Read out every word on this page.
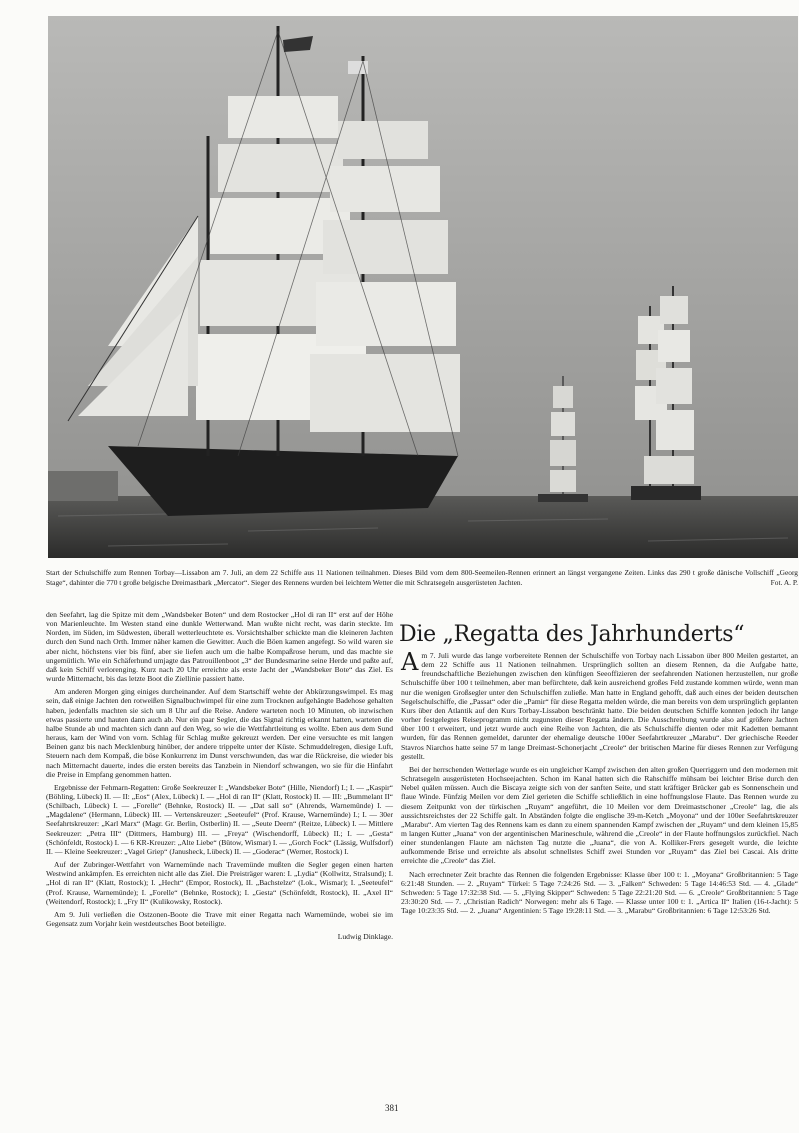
Start der Schulschiffe zum Rennen Torbay—Lissabon am 7. Juli, an dem 22 Schiffe aus 11 Nationen teilnahmen. Dieses Bild vom dem 800-Seemeilen-Rennen erinnert an längst vergangene Zeiten. Links das 290 t große dänische Vollschiff „Georg Stage“, dahinter die 770 t große belgische Dreimastbark „Mercator“. Sieger des Rennens wurden bei leichtem Wetter die mit Schratsegeln ausgerüsteten Jachten.	Fot. A. P.

den Seefahrt, lag die Spitze mit dem „Wandsbeker Boten“ und dem Rostocker „Hol di ran II“ erst auf der Höhe von Marienleuchte. Im Westen stand eine dunkle Wetterwand. Man wußte nicht recht, was darin steckte. Im Norden, im Süden, im Südwesten, überall wetterleuchtete es. Vorsichtshalber schickte man die kleineren Jachten durch den Sund nach Orth. Immer näher kamen die Gewitter. Auch die Böen kamen angefegt. So wild waren sie aber nicht, höchstens vier bis fünf, aber sie liefen auch um die halbe Kompaßrose herum, und das machte sie ungemütlich. Wie ein Schäferhund umjagte das Patrouillenboot „3“ der Bundesmarine seine Herde und paßte auf, daß kein Schiff verlorenging. Kurz nach 20 Uhr erreichte als erste Jacht der „Wandsbeker Bote“ das Ziel. Es wurde Mitternacht, bis das letzte Boot die Ziellinie passiert hatte.

Am anderen Morgen ging einiges durcheinander. Auf dem Startschiff wehte der Abkürzungswimpel. Es mag sein, daß einige Jachten den rotweißen Signalbuchwimpel für eine zum Trocknen aufgehängte Badehose gehalten haben, jedenfalls machten sie sich um 8 Uhr auf die Reise. Andere warteten noch 10 Minuten, ob inzwischen etwas passierte und hauten dann auch ab. Nur ein paar Segler, die das Signal richtig erkannt hatten, warteten die halbe Stunde ab und machten sich dann auf den Weg, so wie die Wettfahrtleitung es wollte. Eben aus dem Sund heraus, kam der Wind von vorn. Schlag für Schlag mußte gekreuzt werden. Der eine versuchte es mit langen Beinen ganz bis nach Mecklenburg hinüber, der andere trippelte unter der Küste. Schmuddelregen, diesige Luft, Steuern nach dem Kompaß, die böse Konkurrenz im Dunst verschwunden, das war die Rückreise, die wieder bis nach Mitternacht dauerte, indes die ersten bereits das Tanzbein in Niendorf schwangen, wo sie für die Hinfahrt die Preise in Empfang genommen hatten.

Ergebnisse der Fehmarn-Regatten: Große Seekreuzer I: „Wandsbeker Bote“ (Hille, Niendorf) I.; I. — „Kaspir“ (Böhling, Lübeck) II. — II: „Eos“ (Alex, Lübeck) I. — „Hol di ran II“ (Klatt, Rostock) II. — III: „Bummelant II“ (Schilbach, Lübeck) I. — „Forelle“ (Behnke, Rostock) II. — „Dat sall so“ (Ahrends, Warnemünde) I. — „Magdalene“ (Hermann, Lübeck) III. — Vertenskreuzer: „Seeteufel“ (Prof. Krause, Warnemünde) I.; I. — 30er Seefahrtskreuzer: „Karl Marx“ (Magr. Gr. Berlin, Ostberlin) II. — „Seute Deern“ (Reitze, Lübeck) I. — Mittlere Seekreuzer: „Petra III“ (Dittmers, Hamburg) III. — „Freya“ (Wischendorff, Lübeck) II.; I. — „Gesta“ (Schönfeldt, Rostock) I. — 6 KR-Kreuzer: „Alte Liebe“ (Bütow, Wismar) I. — „Gorch Fock“ (Lässig, Wulfsdorf) II. — Kleine Seekreuzer: „Vagel Griep“ (Janusheck, Lübeck) II. — „Goderac“ (Werner, Rostock) I.

Auf der Zubringer-Wettfahrt von Warnemünde nach Travemünde mußten die Segler gegen einen harten Westwind ankämpfen. Es erreichten nicht alle das Ziel. Die Preisträger waren: I. „Lydia“ (Kollwitz, Stralsund); I. „Hol di ran II“ (Klatt, Rostock); I. „Hecht“ (Empor, Rostock), II. „Bachstelze“ (Lok., Wismar); I. „Seeteufel“ (Prof. Krause, Warnemünde); I. „Forelle“ (Behnke, Rostock); I. „Gesta“ (Schönfeldt, Rostock), II. „Axel II“ (Weitendorf, Rostock); I. „Fry II“ (Kulikowsky, Rostock).

Am 9. Juli verließen die Ostzonen-Boote die Trave mit einer Regatta nach Warnemünde, wobei sie im Gegensatz zum Vorjahr kein westdeutsches Boot beteiligte.

Ludwig Dinklage.
Die „Regatta des Jahrhunderts“

Am 7. Juli wurde das lange vorbereitete Rennen der Schulschiffe von Torbay nach Lissabon über 800 Meilen gestartet, an dem 22 Schiffe aus 11 Nationen teilnahmen. Ursprünglich sollten an diesem Rennen, da die Aufgabe hatte, freundschaftliche Beziehungen zwischen den künftigen Seeoffizieren der seefahrenden Nationen herzustellen, nur große Schulschiffe über 100 t teilnehmen, aber man befürchtete, daß kein ausreichend großes Feld zustande kommen würde, wenn man nur die wenigen Großsegler unter den Schulschiffen zuließe. Man hatte in England gehofft, daß auch eines der beiden deutschen Segelschulschiffe, die „Passat“ oder die „Pamir“ für diese Regatta melden würde, die man bereits von dem ursprünglich geplanten Kurs über den Atlantik auf den Kurs Torbay-Lissabon beschränkt hatte. Die beiden deutschen Schiffe konnten jedoch ihr lange vorher festgelegtes Reiseprogramm nicht zugunsten dieser Regatta ändern. Die Ausschreibung wurde also auf größere Jachten über 100 t erweitert, und jetzt wurde auch eine Reihe von Jachten, die als Schulschiffe dienten oder mit Kadetten bemannt wurden, für das Rennen gemeldet, darunter der ehemalige deutsche 100er Seefahrtkreuzer „Marabu“. Der griechische Reeder Stavros Niarchos hatte seine 57 m lange Dreimast-Schonerjacht „Creole“ der britischen Marine für dieses Rennen zur Verfügung gestellt.

Bei der herrschenden Wetterlage wurde es ein ungleicher Kampf zwischen den alten großen Querriggern und den modernen mit Schratsegeln ausgerüsteten Hochseejachten. Schon im Kanal hatten sich die Rahschiffe mühsam bei leichter Brise durch den Nebel quälen müssen. Auch die Biscaya zeigte sich von der sanften Seite, und statt kräftiger Brücker gab es Sonnenschein und flaue Winde. Fünfzig Meilen vor dem Ziel gerieten die Schiffe schließlich in eine hoffnungslose Flaute. Das Rennen wurde zu diesem Zeitpunkt von der türkischen „Ruyam“ angeführt, die 10 Meilen vor dem Dreimastschoner „Creole“ lag, die als aussichtsreichstes der 22 Schiffe galt. In Abständen folgte die englische 39-m-Ketch „Moyona“ und der 100er Seefahrtskreuzer „Marabu“. Am vierten Tag des Rennens kam es dann zu einem spannenden Kampf zwischen der „Ruyam“ und dem kleinen 15,85 m langen Kutter „Juana“ von der argentinischen Marineschule, während die „Creole“ in der Flaute hoffnungslos zurückfiel. Nach einer stundenlangen Flaute am nächsten Tag nutzte die „Juana“, die von A. Kolliker-Frers gesegelt wurde, die leichte aufkommende Brise und erreichte als absolut schnellstes Schiff zwei Stunden vor „Ruyam“ das Ziel bei Cascai. Als dritte erreichte die „Creole“ das Ziel.

Nach errechneter Zeit brachte das Rennen die folgenden Ergebnisse: Klasse über 100 t: 1. „Moyana“ Großbritannien: 5 Tage 6:21:48 Stunden. — 2. „Ruyam“ Türkei: 5 Tage 7:24:26 Std. — 3. „Falken“ Schweden: 5 Tage 14:46:53 Std. — 4. „Glade“ Schweden: 5 Tage 17:32:38 Std. — 5. „Flying Skipper“ Schweden: 5 Tage 22:21:20 Std. — 6. „Creole“ Großbritannien: 5 Tage 23:30:20 Std. — 7. „Christian Radich“ Norwegen: mehr als 6 Tage. — Klasse unter 100 t: 1. „Artica II“ Italien (16-t-Jacht): 5 Tage 10:23:35 Std. — 2. „Juana“ Argentinien: 5 Tage 19:28:11 Std. — 3. „Marabu“ Großbritannien: 6 Tage 12:53:26 Std.

381
